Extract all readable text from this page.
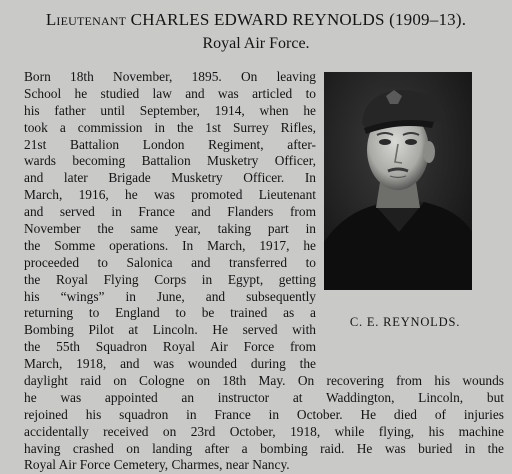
Lieutenant CHARLES EDWARD REYNOLDS (1909–13).
Royal Air Force.
Born 18th November, 1895. On leaving
School he studied law and was articled to
his father until September, 1914, when he
took a commission in the 1st Surrey Rifles,
21st Battalion London Regiment, after-
wards becoming Battalion Musketry Officer,
and later Brigade Musketry Officer. In
March, 1916, he was promoted Lieutenant
and served in France and Flanders from
November the same year, taking part in
the Somme operations. In March, 1917, he
proceeded to Salonica and transferred to
the Royal Flying Corps in Egypt, getting
his “wings” in June, and subsequently
returning to England to be trained as a
Bombing Pilot at Lincoln. He served with
the 55th Squadron Royal Air Force from
March, 1918, and was wounded during the
daylight raid on Cologne on 18th May. On recovering from his wounds
he was appointed an instructor at Waddington, Lincoln, but
rejoined his squadron in France in October. He died of injuries
accidentally received on 23rd October, 1918, while flying, his machine
having crashed on landing after a bombing raid. He was buried in the
Royal Air Force Cemetery, Charmes, near Nancy.
C. E. REYNOLDS.
